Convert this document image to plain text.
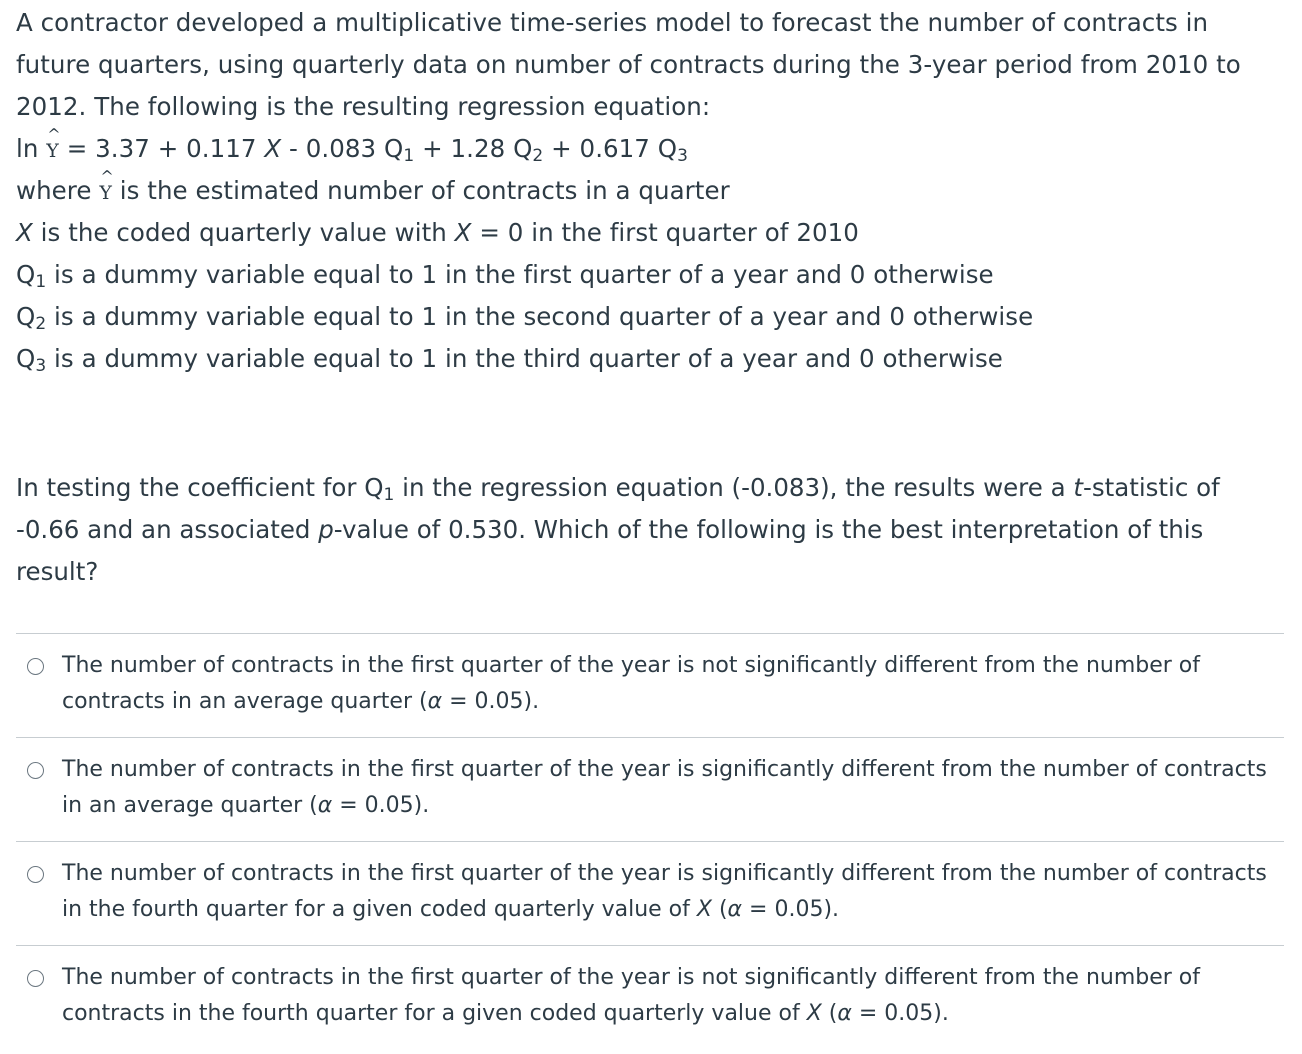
A contractor developed a multiplicative time-series model to forecast the number of contracts in
future quarters, using quarterly data on number of contracts during the 3-year period from 2010 to
2012. The following is the resulting regression equation:
ln ^
Y = 3.37 + 0.117 X - 0.083 $Q_1 + 1.28$ $Q_2 + 0.617$ $Q_3$
where ^
Y is the estimated number of contracts in a quarter
X is the coded quarterly value with X = 0 in the first quarter of 2010
$Q_1$ is a dummy variable equal to 1 in the first quarter of a year and 0 otherwise
$Q_2$ is a dummy variable equal to 1 in the second quarter of a year and 0 otherwise
$Q_3$ is a dummy variable equal to 1 in the third quarter of a year and 0 otherwise
In testing the coefficient for $Q_1$ in the regression equation (-0.083), the results were a t-statistic of -0.66 and an associated p-value of 0.530. Which of the following is the best interpretation of this result?
The number of contracts in the first quarter of the year is not significantly different from the number of contracts in an average quarter (α = 0.05).
The number of contracts in the first quarter of the year is significantly different from the number of contracts in an average quarter (α = 0.05).
The number of contracts in the first quarter of the year is significantly different from the number of contracts in the fourth quarter for a given coded quarterly value of X (α = 0.05).
The number of contracts in the first quarter of the year is not significantly different from the number of contracts in the fourth quarter for a given coded quarterly value of X (α = 0.05).
